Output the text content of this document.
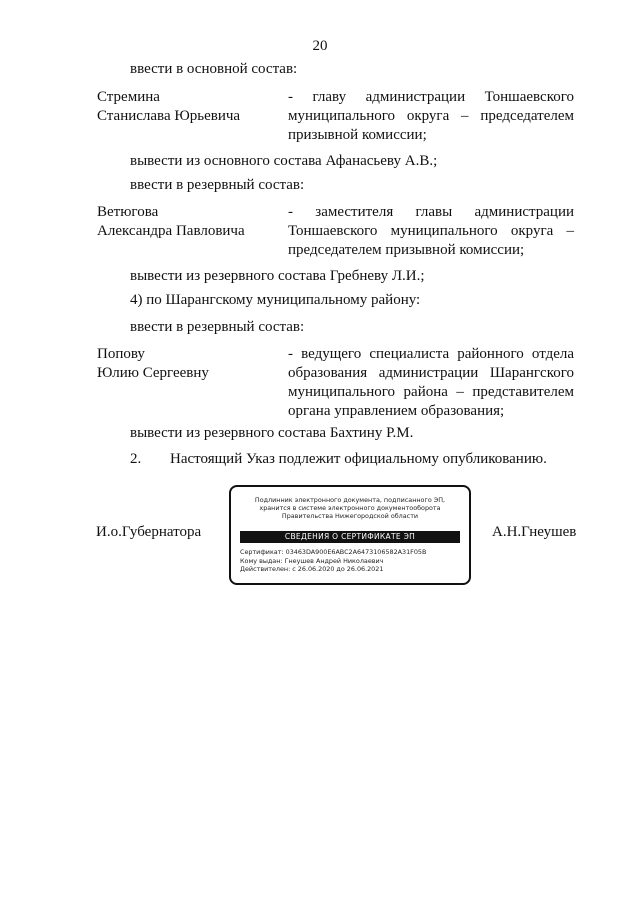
20
ввести в основной состав:
Стремина
Станислава Юрьевича
- главу администрации Тоншаевского
муниципального округа – председателем
призывной комиссии;
вывести из основного состава Афанасьеву А.В.;
ввести в резервный состав:
Ветюгова
Александра Павловича
- заместителя главы администрации
Тоншаевского муниципального округа –
председателем призывной комиссии;
вывести из резервного состава Гребневу Л.И.;
4) по Шарангскому муниципальному району:
ввести в резервный состав:
Попову
Юлию Сергеевну
- ведущего специалиста районного отдела
образования администрации Шарангского
муниципального района – представителем
органа управлением образования;
вывести из резервного состава Бахтину Р.М.
2. Настоящий Указ подлежит официальному опубликованию.
И.о.Губернатора	А.Н.Гнеушев
Подлинник электронного документа, подписанного ЭП,
хранится в системе электронного документооборота
Правительства Нижегородской области
СВЕДЕНИЯ О СЕРТИФИКАТЕ ЭП
Сертификат: 03463DA900E6ABC2A6473106582A31F05B
Кому выдан: Гнеушев Андрей Николаевич
Действителен: с 26.06.2020 до 26.06.2021
